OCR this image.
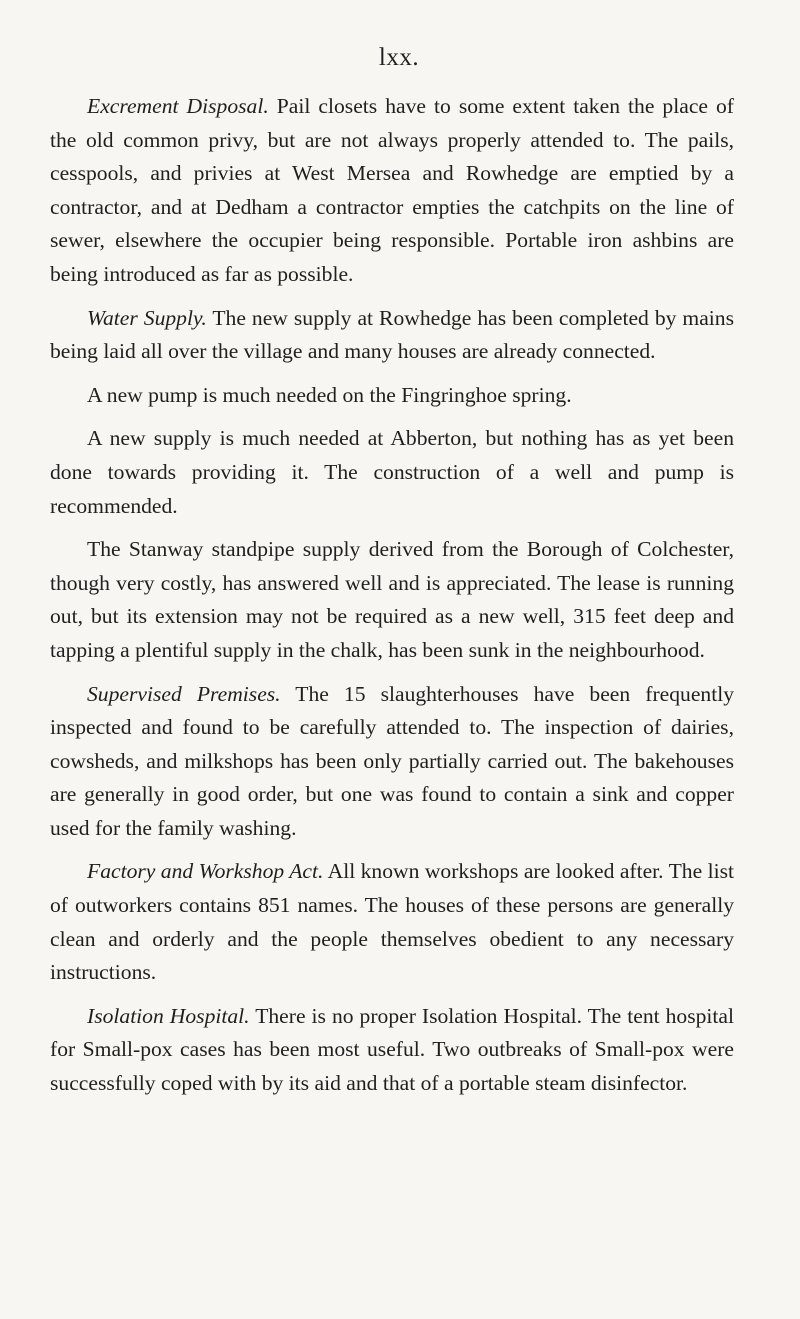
lxx.

Excrement Disposal. Pail closets have to some extent taken the place of the old common privy, but are not always properly attended to. The pails, cesspools, and privies at West Mersea and Rowhedge are emptied by a contractor, and at Dedham a contractor empties the catchpits on the line of sewer, elsewhere the occupier being responsible. Portable iron ashbins are being introduced as far as possible.

Water Supply. The new supply at Rowhedge has been completed by mains being laid all over the village and many houses are already connected.

A new pump is much needed on the Fingringhoe spring.

A new supply is much needed at Abberton, but nothing has as yet been done towards providing it. The construction of a well and pump is recommended.

The Stanway standpipe supply derived from the Borough of Colchester, though very costly, has answered well and is appreciated. The lease is running out, but its extension may not be required as a new well, 315 feet deep and tapping a plentiful supply in the chalk, has been sunk in the neighbourhood.

Supervised Premises. The 15 slaughterhouses have been frequently inspected and found to be carefully attended to. The inspection of dairies, cowsheds, and milkshops has been only partially carried out. The bakehouses are generally in good order, but one was found to contain a sink and copper used for the family washing.

Factory and Workshop Act. All known workshops are looked after. The list of outworkers contains 851 names. The houses of these persons are generally clean and orderly and the people themselves obedient to any necessary instructions.

Isolation Hospital. There is no proper Isolation Hospital. The tent hospital for Small-pox cases has been most useful. Two outbreaks of Small-pox were successfully coped with by its aid and that of a portable steam disinfector.
